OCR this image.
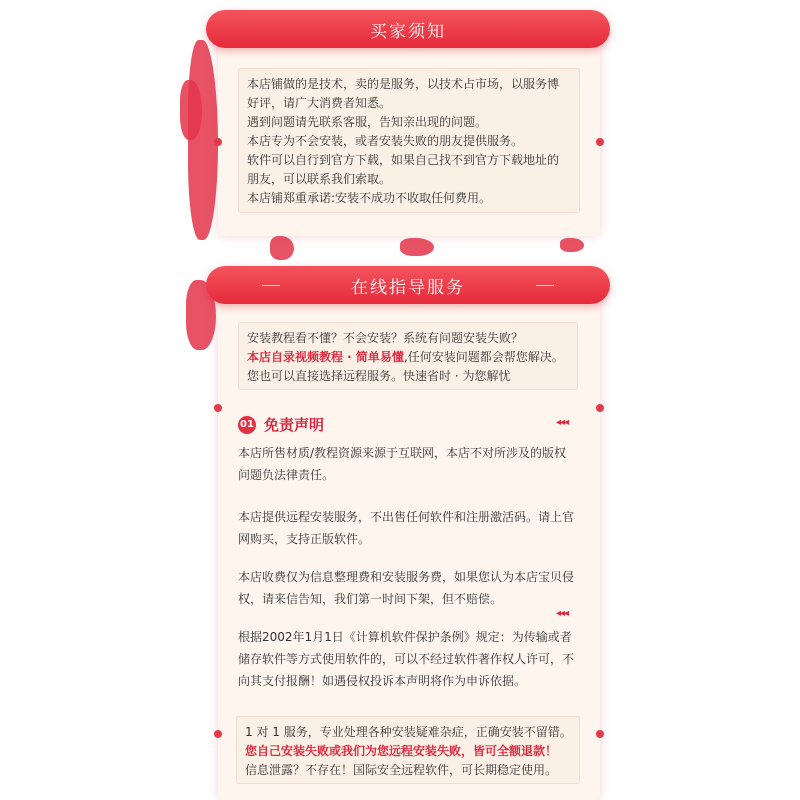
买家须知
本店铺做的是技术，卖的是服务，以技术占市场，以服务博
好评，请广大消费者知悉。
遇到问题请先联系客服，告知亲出现的问题。
本店专为不会安装，或者安装失败的朋友提供服务。
软件可以自行到官方下载，如果自己找不到官方下载地址的
朋友，可以联系我们索取。
本店铺郑重承诺:安装不成功不收取任何费用。
在线指导服务
安装教程看不懂？不会安装？系统有问题安装失败？
本店自录视频教程 · 简单易懂,任何安装问题都会帮您解决。
您也可以直接选择远程服务。快速省时 · 为您解忧
01 免责声明	◂◂◂
本店所售材质/教程资源来源于互联网，本店不对所涉及的版权
问题负法律责任。
本店提供远程安装服务，不出售任何软件和注册激活码。请上官
网购买，支持正版软件。
本店收费仅为信息整理费和安装服务费，如果您认为本店宝贝侵
权，请来信告知，我们第一时间下架，但不赔偿。
◂◂◂
根据2002年1月1日《计算机软件保护条例》规定：为传输或者
储存软件等方式使用软件的，可以不经过软件著作权人许可，不
向其支付报酬！如遇侵权投诉本声明将作为申诉依据。
1 对 1 服务，专业处理各种安装疑难杂症，正确安装不留错。
您自己安装失败或我们为您远程安装失败，皆可全额退款！
信息泄露？不存在！国际安全远程软件，可长期稳定使用。
